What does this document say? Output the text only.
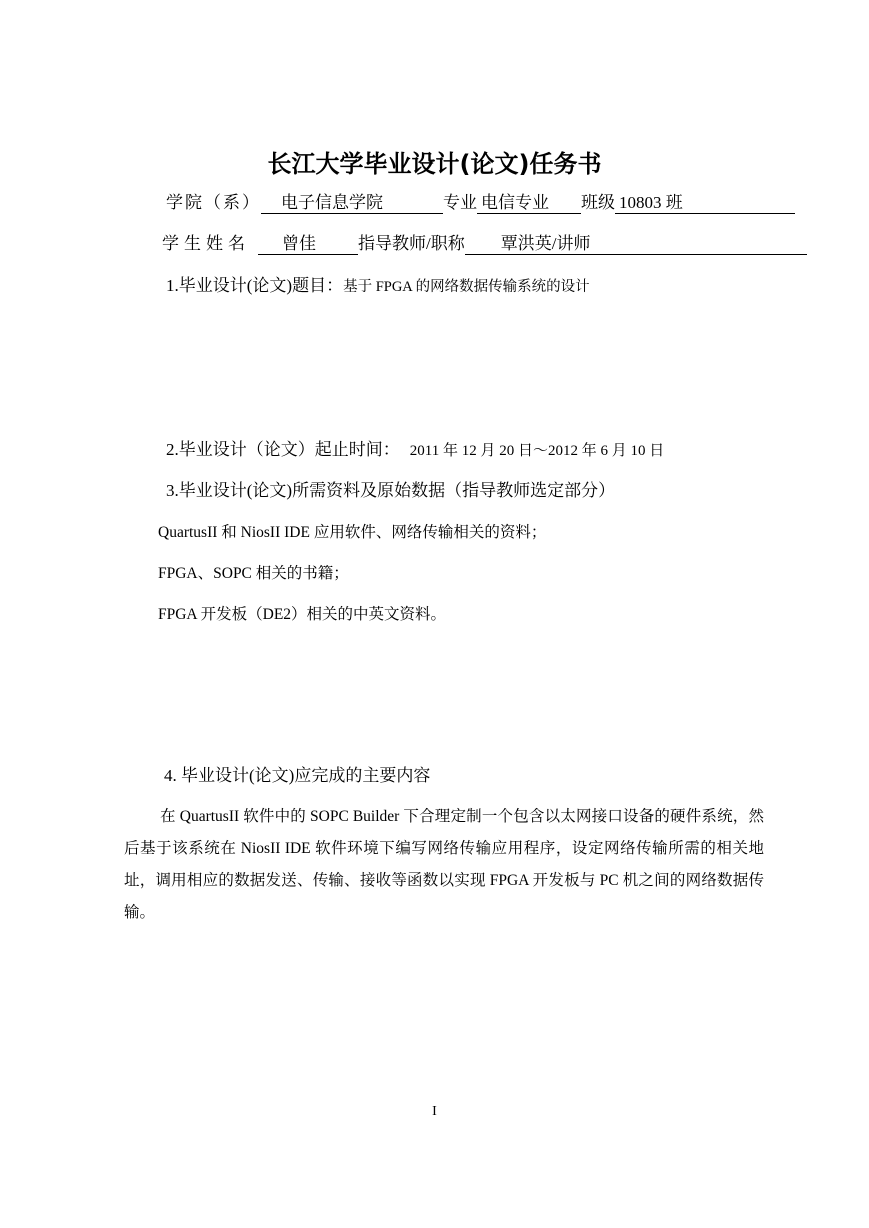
长江大学毕业设计(论文)任务书
学院（系） 电子信息学院	专业 电信专业 班级 10803 班
学生姓名 曾佳 指导教师/职称 覃洪英/讲师
1.毕业设计(论文)题目：基于 FPGA 的网络数据传输系统的设计
2.毕业设计（论文）起止时间： 2011 年 12 月 20 日～2012 年 6 月 10 日
3.毕业设计(论文)所需资料及原始数据（指导教师选定部分）
QuartusII 和 NiosII IDE 应用软件、网络传输相关的资料；
FPGA、SOPC 相关的书籍；
FPGA 开发板（DE2）相关的中英文资料。
4. 毕业设计(论文)应完成的主要内容
在 QuartusII 软件中的 SOPC Builder 下合理定制一个包含以太网接口设备的硬件系统，然后基于该系统在 NiosII IDE 软件环境下编写网络传输应用程序，设定网络传输所需的相关地址，调用相应的数据发送、传输、接收等函数以实现 FPGA 开发板与 PC 机之间的网络数据传输。
I
